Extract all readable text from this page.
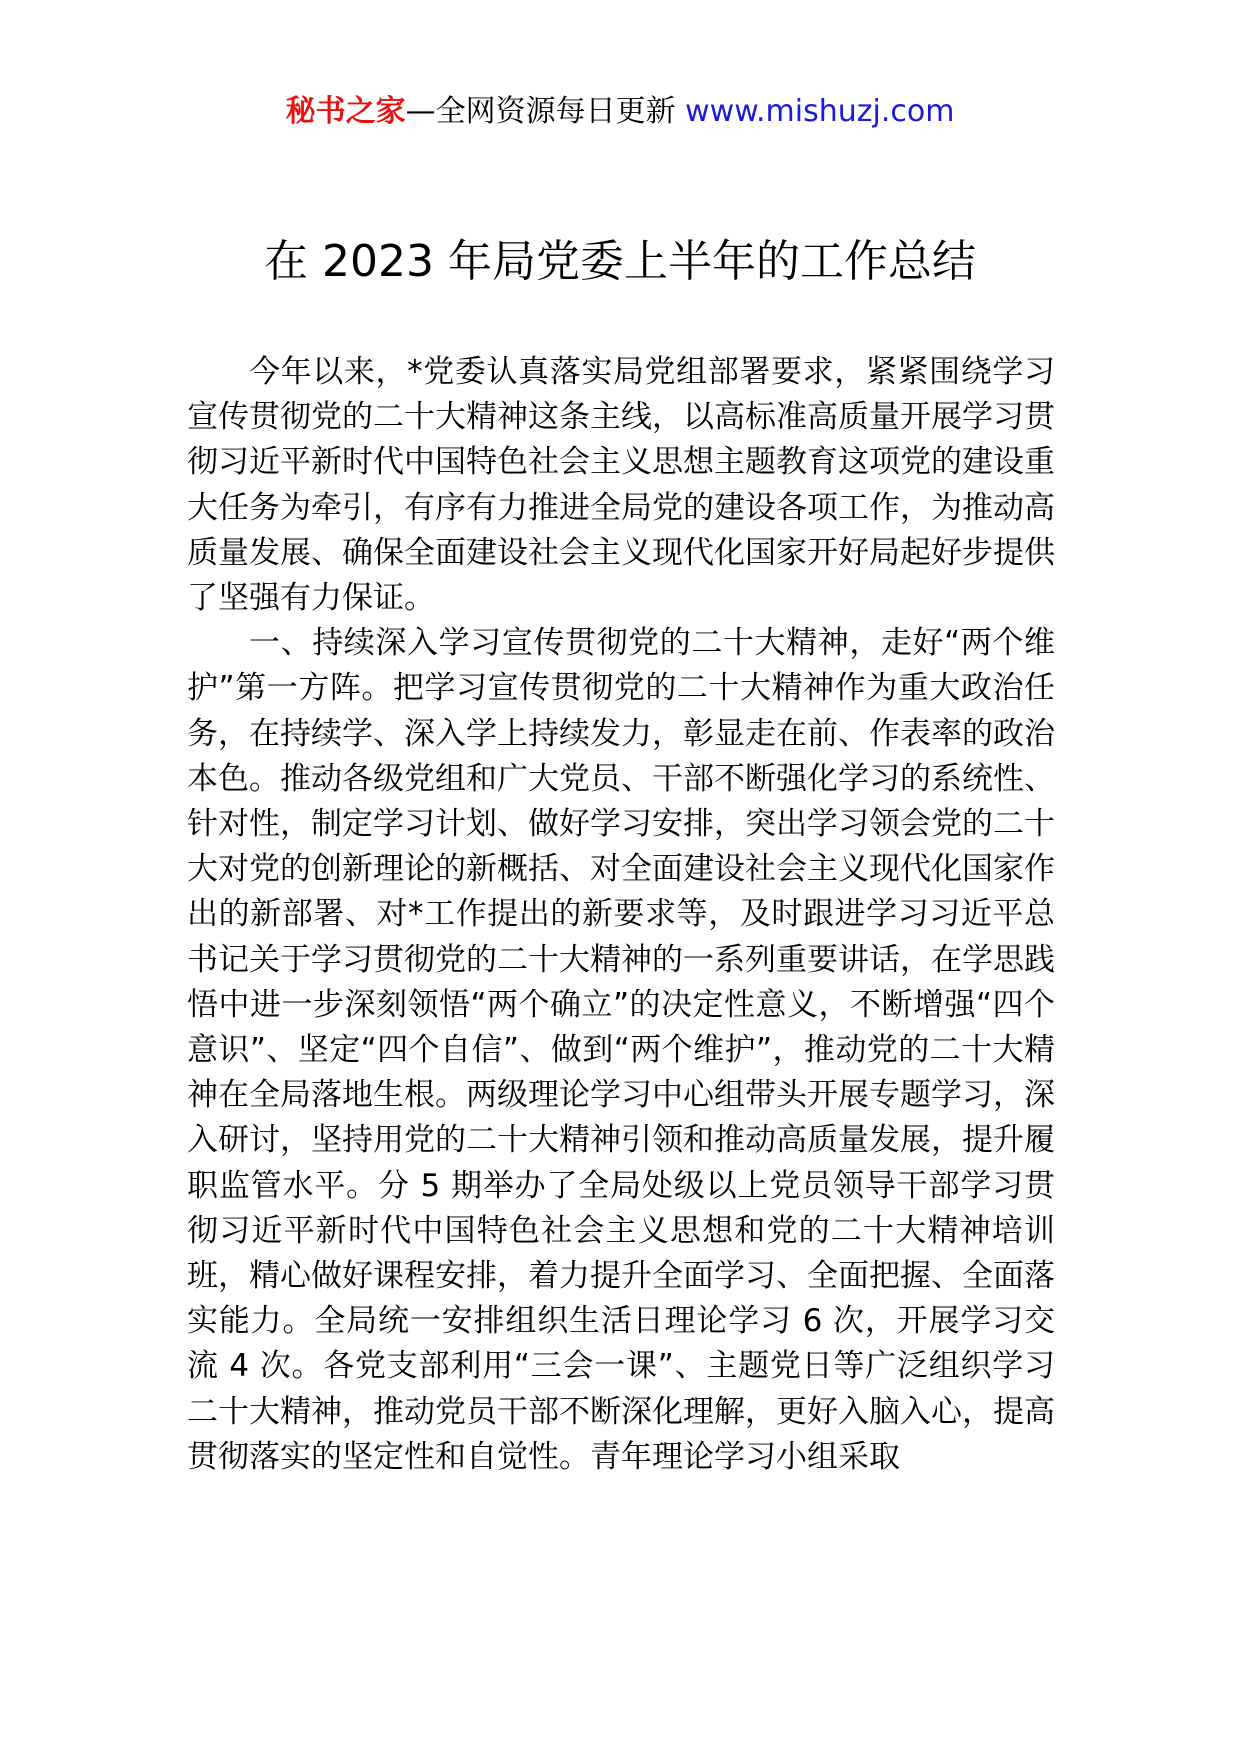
秘书之家—全网资源每日更新 www.mishuzj.com
在 2023 年局党委上半年的工作总结

今年以来，*党委认真落实局党组部署要求，紧紧围绕学习宣传贯彻党的二十大精神这条主线，以高标准高质量开展学习贯彻习近平新时代中国特色社会主义思想主题教育这项党的建设重大任务为牵引，有序有力推进全局党的建设各项工作，为推动高质量发展、确保全面建设社会主义现代化国家开好局起好步提供了坚强有力保证。

一、持续深入学习宣传贯彻党的二十大精神，走好“两个维护”第一方阵。把学习宣传贯彻党的二十大精神作为重大政治任务，在持续学、深入学上持续发力，彰显走在前、作表率的政治本色。推动各级党组和广大党员、干部不断强化学习的系统性、针对性，制定学习计划、做好学习安排，突出学习领会党的二十大对党的创新理论的新概括、对全面建设社会主义现代化国家作出的新部署、对*工作提出的新要求等，及时跟进学习习近平总书记关于学习贯彻党的二十大精神的一系列重要讲话，在学思践悟中进一步深刻领悟“两个确立”的决定性意义，不断增强“四个意识”、坚定“四个自信”、做到“两个维护”，推动党的二十大精神在全局落地生根。两级理论学习中心组带头开展专题学习，深入研讨，坚持用党的二十大精神引领和推动高质量发展，提升履职监管水平。分 5 期举办了全局处级以上党员领导干部学习贯彻习近平新时代中国特色社会主义思想和党的二十大精神培训班，精心做好课程安排，着力提升全面学习、全面把握、全面落实能力。全局统一安排组织生活日理论学习 6 次，开展学习交流 4 次。各党支部利用“三会一课”、主题党日等广泛组织学习二十大精神，推动党员干部不断深化理解，更好入脑入心，提高贯彻落实的坚定性和自觉性。青年理论学习小组采取
